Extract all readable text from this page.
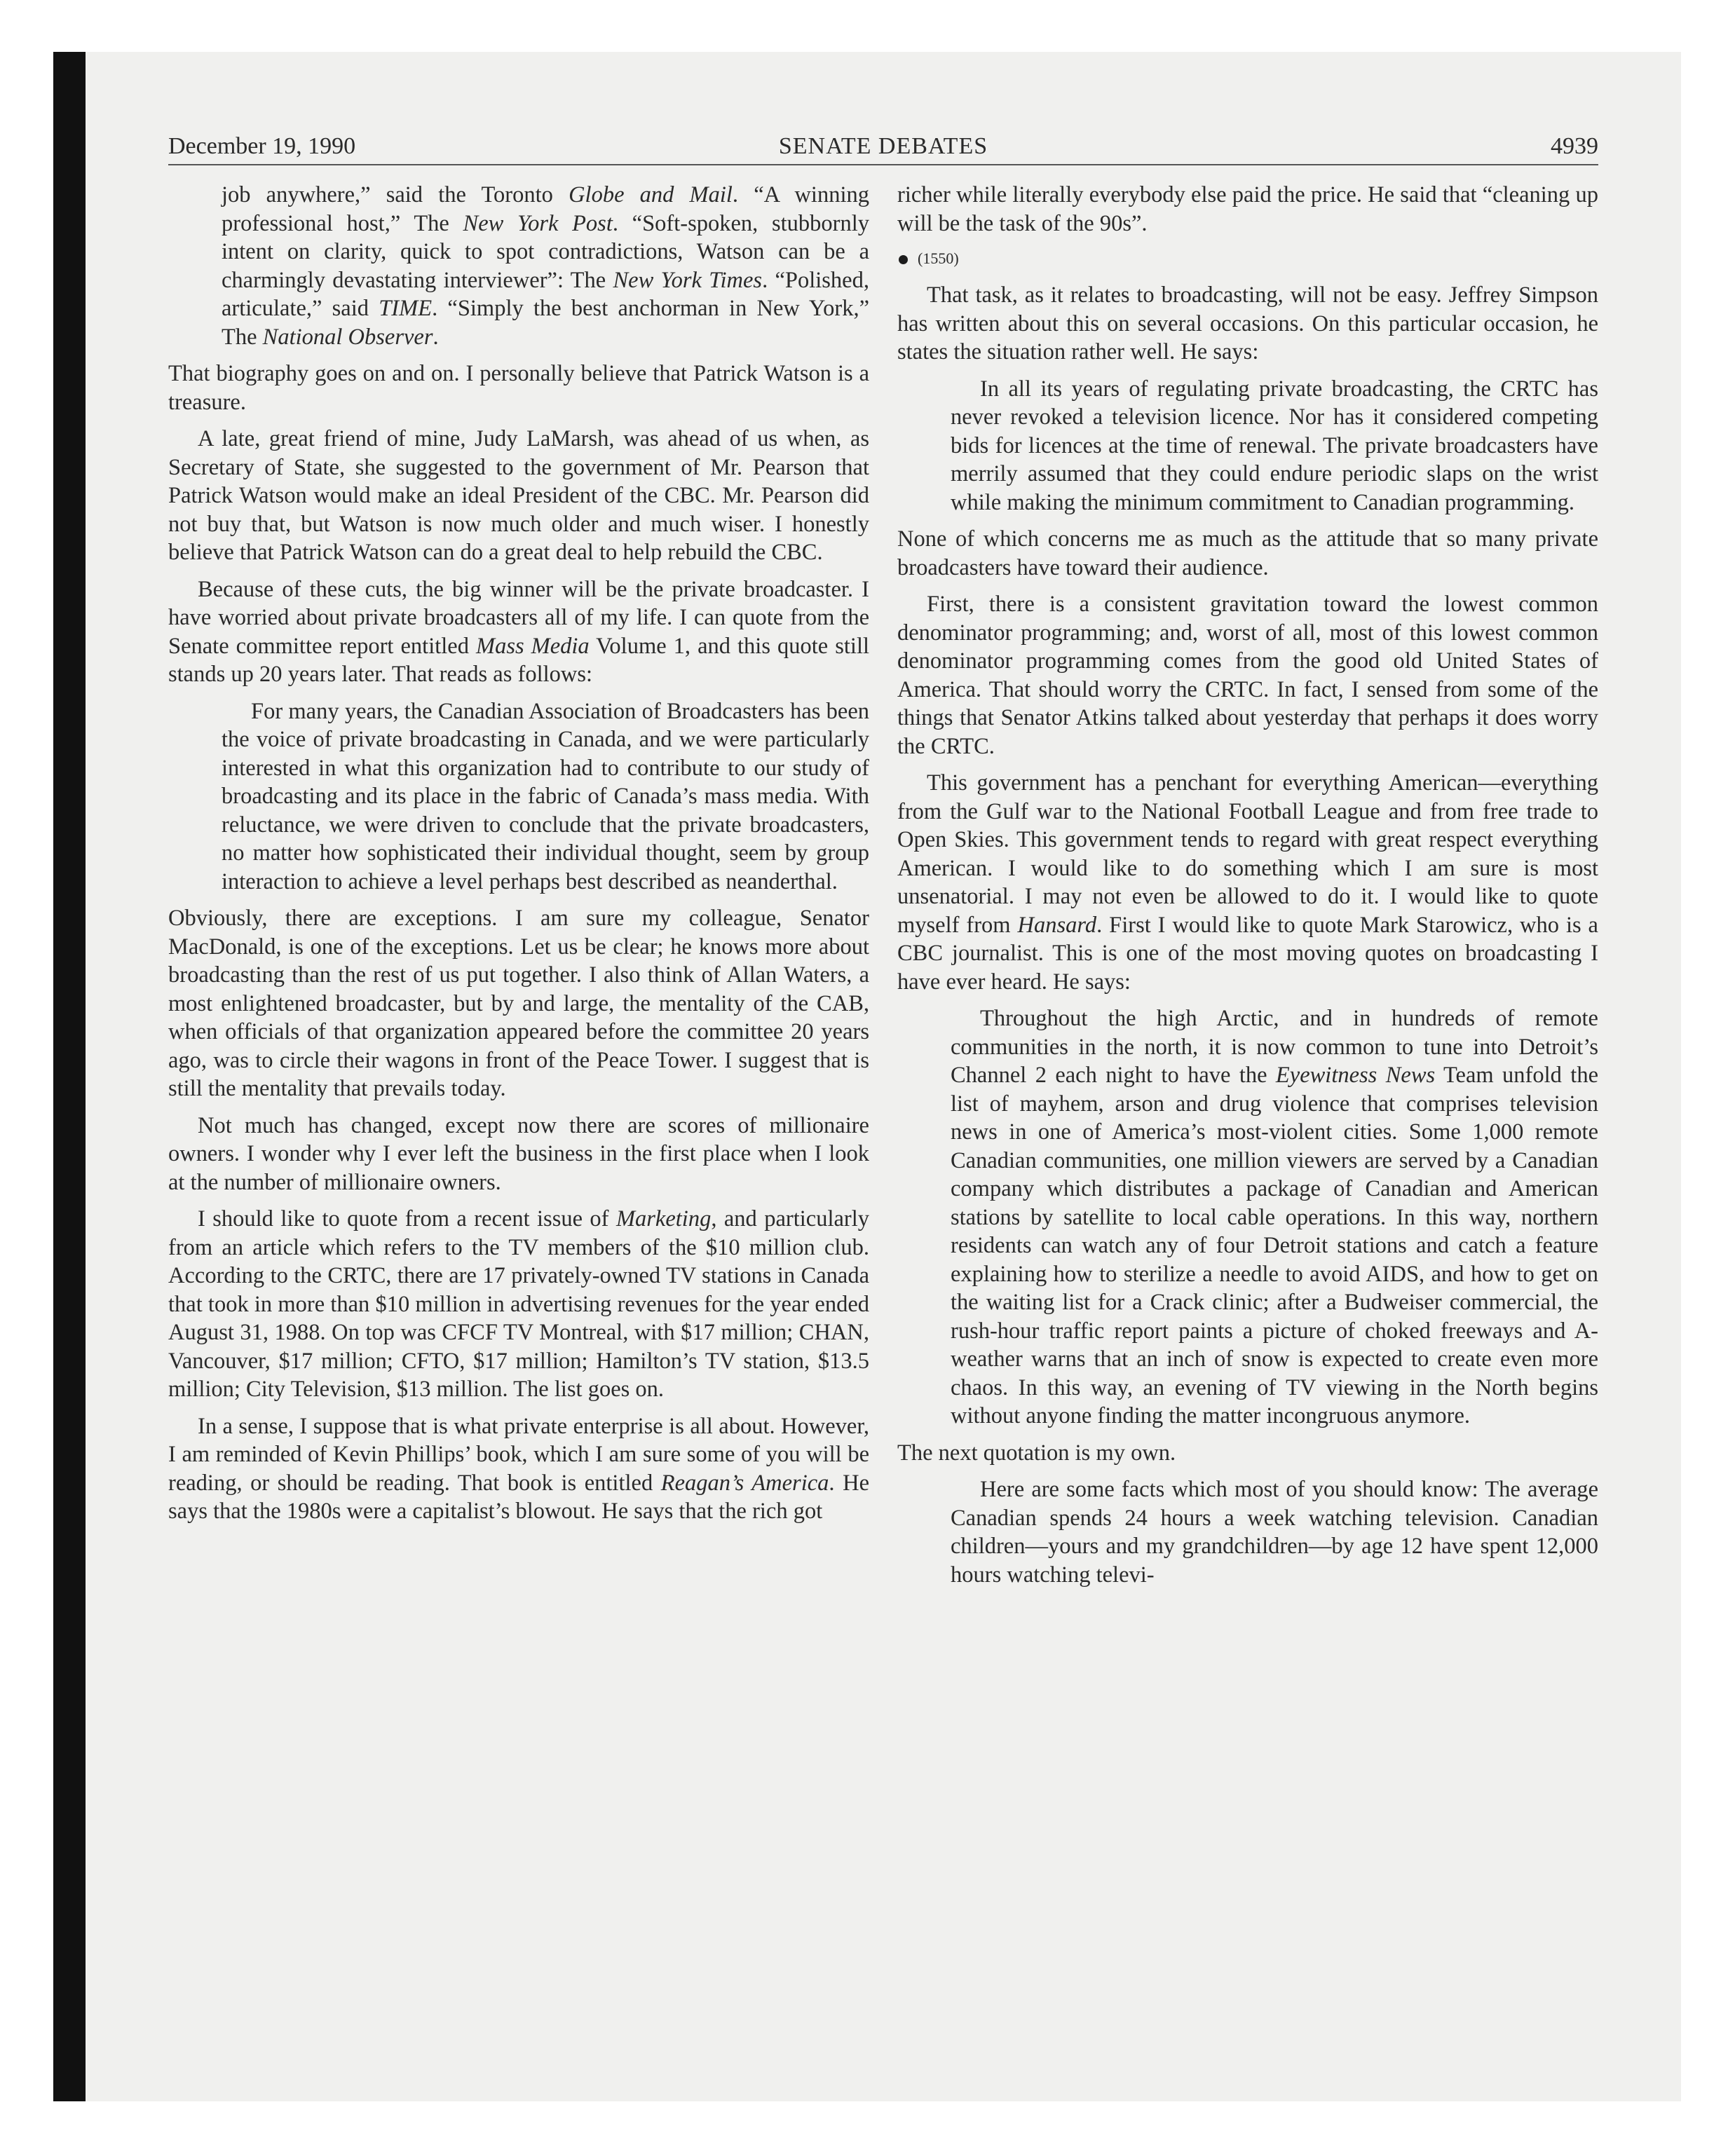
December 19, 1990	SENATE DEBATES	4939

job anywhere,” said the Toronto Globe and Mail. “A winning professional host,” The New York Post. “Soft-spoken, stubbornly intent on clarity, quick to spot contradictions, Watson can be a charmingly devastating interviewer”: The New York Times. “Polished, articulate,” said TIME. “Simply the best anchorman in New York,” The National Observer.

That biography goes on and on. I personally believe that Patrick Watson is a treasure.

A late, great friend of mine, Judy LaMarsh, was ahead of us when, as Secretary of State, she suggested to the government of Mr. Pearson that Patrick Watson would make an ideal President of the CBC. Mr. Pearson did not buy that, but Watson is now much older and much wiser. I honestly believe that Patrick Watson can do a great deal to help rebuild the CBC.

Because of these cuts, the big winner will be the private broadcaster. I have worried about private broadcasters all of my life. I can quote from the Senate committee report entitled Mass Media Volume 1, and this quote still stands up 20 years later. That reads as follows:

For many years, the Canadian Association of Broadcasters has been the voice of private broadcasting in Canada, and we were particularly interested in what this organization had to contribute to our study of broadcasting and its place in the fabric of Canada’s mass media. With reluctance, we were driven to conclude that the private broadcasters, no matter how sophisticated their individual thought, seem by group interaction to achieve a level perhaps best described as neanderthal.

Obviously, there are exceptions. I am sure my colleague, Senator MacDonald, is one of the exceptions. Let us be clear; he knows more about broadcasting than the rest of us put together. I also think of Allan Waters, a most enlightened broadcaster, but by and large, the mentality of the CAB, when officials of that organization appeared before the committee 20 years ago, was to circle their wagons in front of the Peace Tower. I suggest that is still the mentality that prevails today.

Not much has changed, except now there are scores of millionaire owners. I wonder why I ever left the business in the first place when I look at the number of millionaire owners.

I should like to quote from a recent issue of Marketing, and particularly from an article which refers to the TV members of the $10 million club. According to the CRTC, there are 17 privately-owned TV stations in Canada that took in more than $10 million in advertising revenues for the year ended August 31, 1988. On top was CFCF TV Montreal, with $17 million; CHAN, Vancouver, $17 million; CFTO, $17 million; Hamilton’s TV station, $13.5 million; City Television, $13 million. The list goes on.

In a sense, I suppose that is what private enterprise is all about. However, I am reminded of Kevin Phillips’ book, which I am sure some of you will be reading, or should be reading. That book is entitled Reagan’s America. He says that the 1980s were a capitalist’s blowout. He says that the rich got

richer while literally everybody else paid the price. He said that “cleaning up will be the task of the 90s”.

(1550)

That task, as it relates to broadcasting, will not be easy. Jeffrey Simpson has written about this on several occasions. On this particular occasion, he states the situation rather well. He says:

In all its years of regulating private broadcasting, the CRTC has never revoked a television licence. Nor has it considered competing bids for licences at the time of renewal. The private broadcasters have merrily assumed that they could endure periodic slaps on the wrist while making the minimum commitment to Canadian programming.

None of which concerns me as much as the attitude that so many private broadcasters have toward their audience.

First, there is a consistent gravitation toward the lowest common denominator programming; and, worst of all, most of this lowest common denominator programming comes from the good old United States of America. That should worry the CRTC. In fact, I sensed from some of the things that Senator Atkins talked about yesterday that perhaps it does worry the CRTC.

This government has a penchant for everything American—everything from the Gulf war to the National Football League and from free trade to Open Skies. This government tends to regard with great respect everything American. I would like to do something which I am sure is most unsenatorial. I may not even be allowed to do it. I would like to quote myself from Hansard. First I would like to quote Mark Starowicz, who is a CBC journalist. This is one of the most moving quotes on broadcasting I have ever heard. He says:

Throughout the high Arctic, and in hundreds of remote communities in the north, it is now common to tune into Detroit’s Channel 2 each night to have the Eyewitness News Team unfold the list of mayhem, arson and drug violence that comprises television news in one of America’s most-violent cities. Some 1,000 remote Canadian communities, one million viewers are served by a Canadian company which distributes a package of Canadian and American stations by satellite to local cable operations. In this way, northern residents can watch any of four Detroit stations and catch a feature explaining how to sterilize a needle to avoid AIDS, and how to get on the waiting list for a Crack clinic; after a Budweiser commercial, the rush-hour traffic report paints a picture of choked freeways and A-weather warns that an inch of snow is expected to create even more chaos. In this way, an evening of TV viewing in the North begins without anyone finding the matter incongruous anymore.

The next quotation is my own.

Here are some facts which most of you should know: The average Canadian spends 24 hours a week watching television. Canadian children—yours and my grandchildren—by age 12 have spent 12,000 hours watching televi-
